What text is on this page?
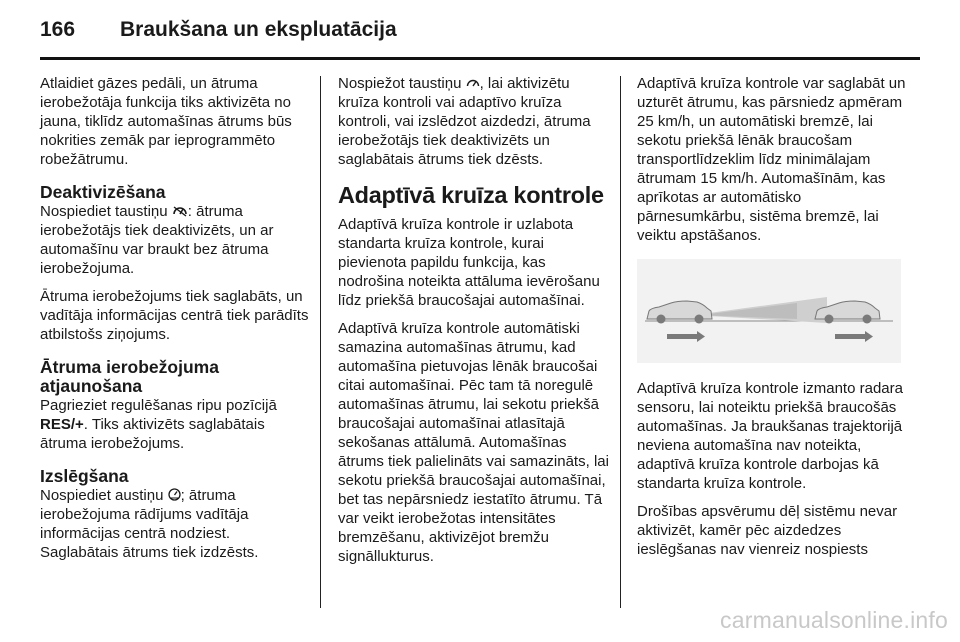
166 Braukšana un ekspluatācija

Atlaidiet gāzes pedāli, un ātruma ierobežotāja funkcija tiks aktivizēta no jauna, tiklīdz automašīnas ātrums būs nokrities zemāk par ieprogrammēto robežātrumu.

Deaktivizēšana

Nospiediet taustiņu : ātruma ierobežotājs tiek deaktivizēts, un ar automašīnu var braukt bez ātruma ierobežojuma.

Ātruma ierobežojums tiek saglabāts, un vadītāja informācijas centrā tiek parādīts atbilstošs ziņojums.

Ātruma ierobežojuma
atjaunošana

Pagrieziet regulēšanas ripu pozīcijā
RES/+. Tiks aktivizēts saglabātais ātruma ierobežojums.

Izslēgšana

Nospiediet austiņu ; ātruma ierobežojuma rādījums vadītāja informācijas centrā nodziest. Saglabātais ātrums tiek izdzēsts.

Nospiežot taustiņu , lai aktivizētu kruīza kontroli vai adaptīvo kruīza kontroli, vai izslēdzot aizdedzi, ātruma ierobežotājs tiek deaktivizēts un saglabātais ātrums tiek dzēsts.

Adaptīvā kruīza kontrole

Adaptīvā kruīza kontrole ir uzlabota standarta kruīza kontrole, kurai pievienota papildu funkcija, kas nodrošina noteikta attāluma ievērošanu līdz priekšā braucošajai automašīnai.

Adaptīvā kruīza kontrole automātiski samazina automašīnas ātrumu, kad automašīna pietuvojas lēnāk braucošai citai automašīnai. Pēc tam tā noregulē automašīnas ātrumu, lai sekotu priekšā braucošajai automašīnai atlasītajā sekošanas attālumā. Automašīnas ātrums tiek palielināts vai samazināts, lai sekotu priekšā braucošajai automašīnai, bet tas nepārsniedz iestatīto ātrumu. Tā var veikt ierobežotas intensitātes bremzēšanu, aktivizējot bremžu signāllukturus.

Adaptīvā kruīza kontrole var saglabāt un uzturēt ātrumu, kas pārsniedz apmēram 25 km/h, un automātiski bremzē, lai sekotu priekšā lēnāk braucošam transportlīdzeklim līdz minimālajam ātrumam 15 km/h. Automašīnām, kas aprīkotas ar automātisko pārnesumkārbu, sistēma bremzē, lai veiktu apstāšanos.

Adaptīvā kruīza kontrole izmanto radara sensoru, lai noteiktu priekšā braucošās automašīnas. Ja braukšanas trajektorijā neviena automašīna nav noteikta, adaptīvā kruīza kontrole darbojas kā standarta kruīza kontrole.

Drošības apsvērumu dēļ sistēmu nevar aktivizēt, kamēr pēc aizdedzes ieslēgšanas nav vienreiz nospiests

carmanualsonline.info
